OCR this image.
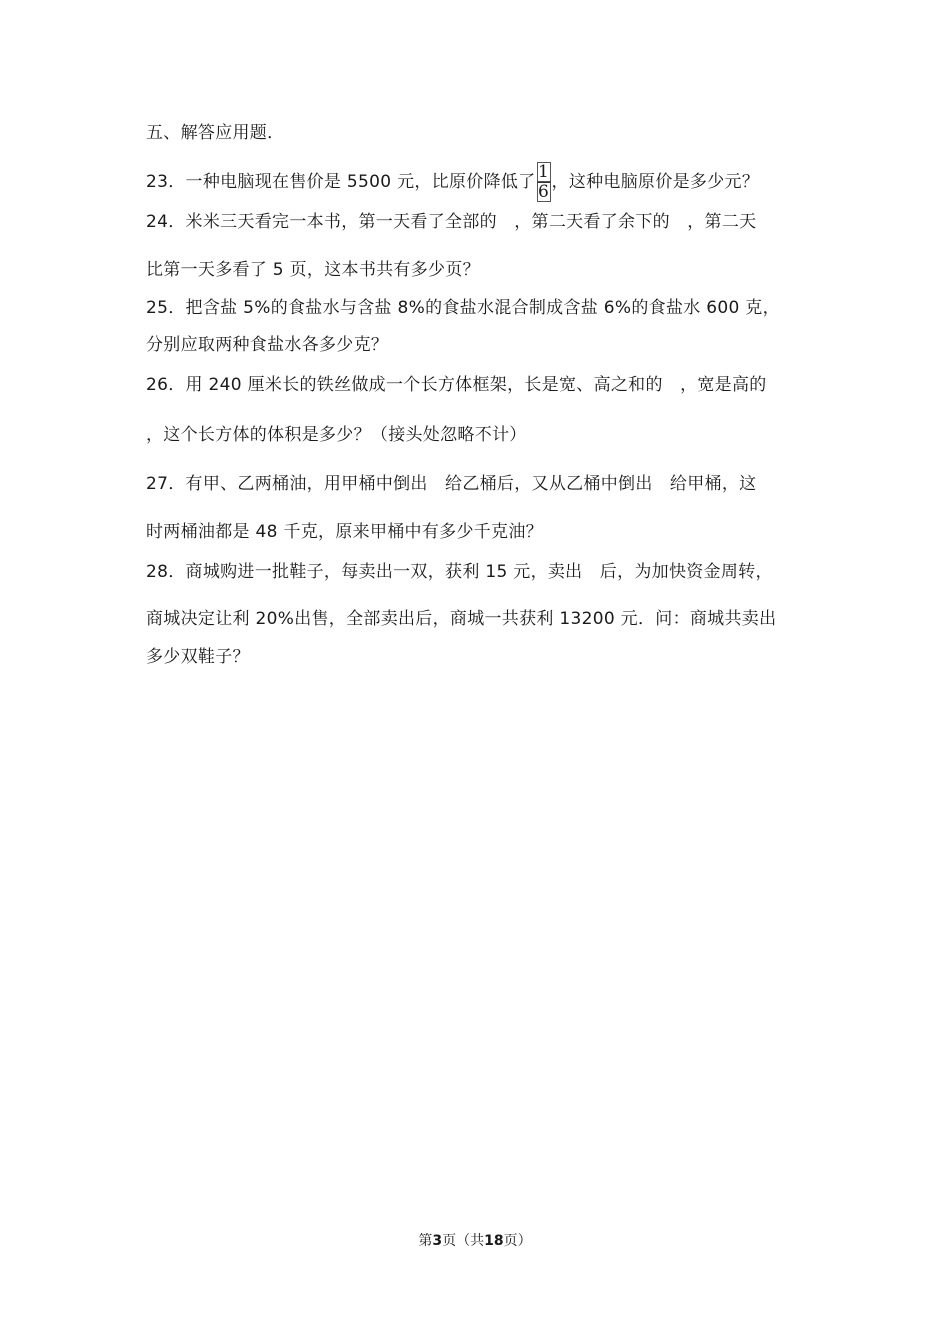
五、解答应用题．
23．一种电脑现在售价是 5500 元，比原价降低了 $\frac{1}{6}$ ，这种电脑原价是多少元？
24．米米三天看完一本书，第一天看了全部的　，第二天看了余下的　，第二天
比第一天多看了 5 页，这本书共有多少页？
25．把含盐 5%的食盐水与含盐 8%的食盐水混合制成含盐 6%的食盐水 600 克，
分别应取两种食盐水各多少克？
26．用 240 厘米长的铁丝做成一个长方体框架，长是宽、高之和的　，宽是高的
，这个长方体的体积是多少？（接头处忽略不计）
27．有甲、乙两桶油，用甲桶中倒出　给乙桶后，又从乙桶中倒出　给甲桶，这
时两桶油都是 48 千克，原来甲桶中有多少千克油？
28．商城购进一批鞋子，每卖出一双，获利 15 元，卖出　后，为加快资金周转，
商城决定让利 20%出售，全部卖出后，商城一共获利 13200 元．问：商城共卖出
多少双鞋子？
第3页（共18页）
